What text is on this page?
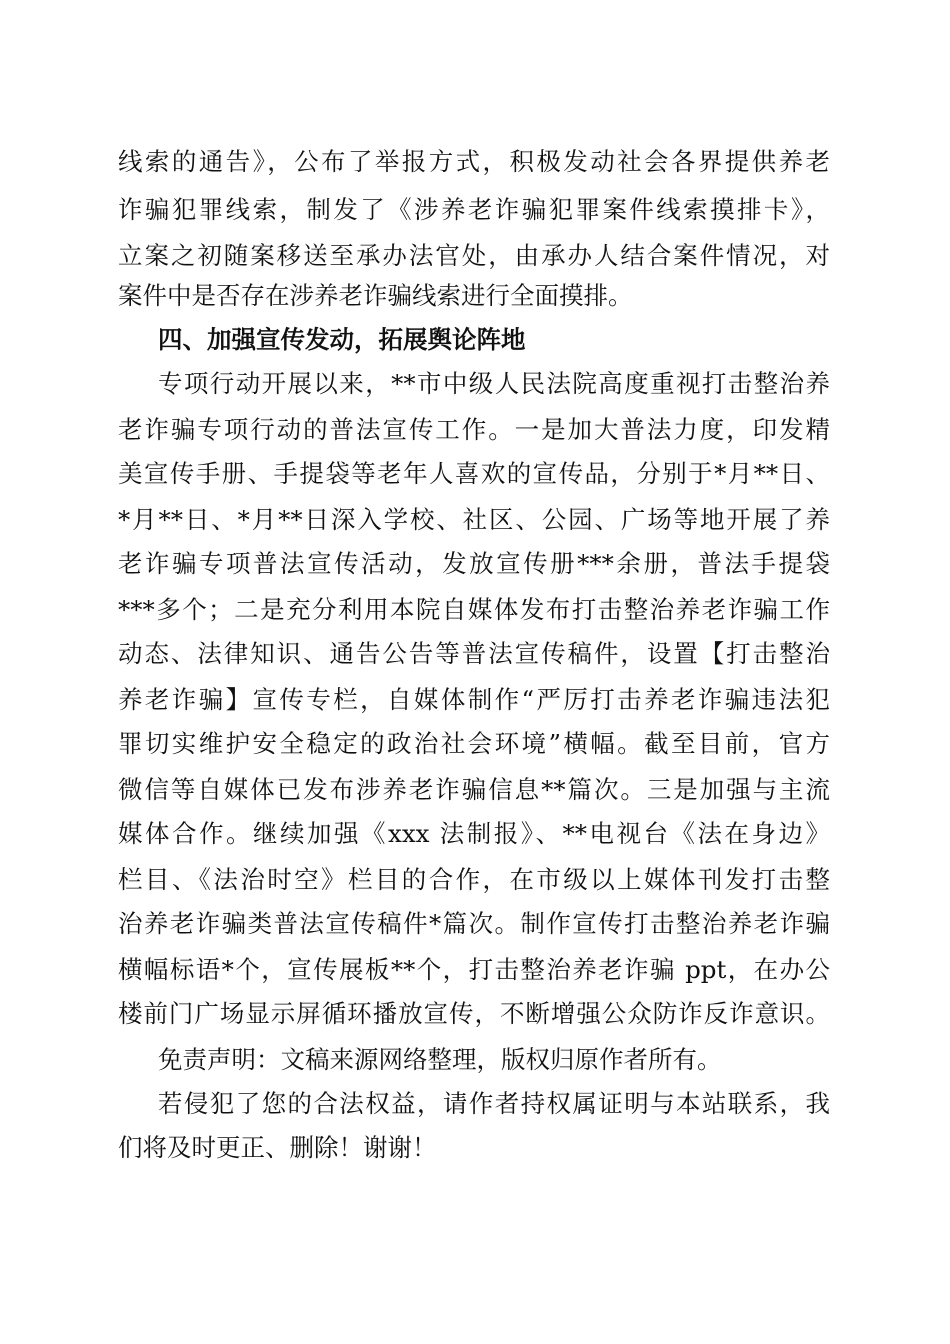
线索的通告》，公布了举报方式，积极发动社会各界提供养老
诈骗犯罪线索，制发了《涉养老诈骗犯罪案件线索摸排卡》，
立案之初随案移送至承办法官处，由承办人结合案件情况，对
案件中是否存在涉养老诈骗线索进行全面摸排。
四、加强宣传发动，拓展舆论阵地
专项行动开展以来，**市中级人民法院高度重视打击整治养
老诈骗专项行动的普法宣传工作。一是加大普法力度，印发精
美宣传手册、手提袋等老年人喜欢的宣传品，分别于*月**日、
*月**日、*月**日深入学校、社区、公园、广场等地开展了养
老诈骗专项普法宣传活动，发放宣传册***余册，普法手提袋
***多个；二是充分利用本院自媒体发布打击整治养老诈骗工作
动态、法律知识、通告公告等普法宣传稿件，设置【打击整治
养老诈骗】宣传专栏，自媒体制作“严厉打击养老诈骗违法犯
罪切实维护安全稳定的政治社会环境”横幅。截至目前，官方
微信等自媒体已发布涉养老诈骗信息**篇次。三是加强与主流
媒体合作。继续加强《xxx 法制报》、**电视台《法在身边》
栏目、《法治时空》栏目的合作，在市级以上媒体刊发打击整
治养老诈骗类普法宣传稿件*篇次。制作宣传打击整治养老诈骗
横幅标语*个，宣传展板**个，打击整治养老诈骗 ppt，在办公
楼前门广场显示屏循环播放宣传，不断增强公众防诈反诈意识。
免责声明：文稿来源网络整理，版权归原作者所有。
若侵犯了您的合法权益，请作者持权属证明与本站联系，我
们将及时更正、删除！谢谢！
